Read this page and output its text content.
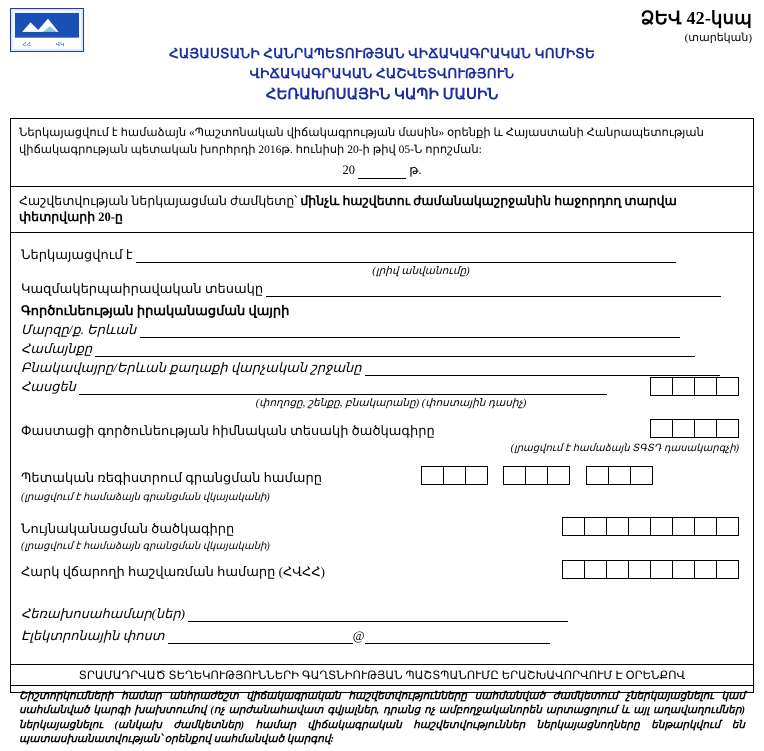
ՀՀ	ՎԿ
ՁԵՎ 42-կսպ
(տարեկան)
ՀԱՅԱՍՏԱՆԻ ՀԱՆՐԱՊԵՏՈՒԹՅԱՆ ՎԻՃԱԿԱԳՐԱԿԱՆ ԿՈՄԻՏԵ
ՎԻՃԱԿԱԳՐԱԿԱՆ ՀԱՇՎԵՏՎՈՒԹՅՈՒՆ
ՀԵՌԱԽՈՍԱՅԻՆ ԿԱՊԻ ՄԱՍԻՆ
Ներկայացվում է համաձայն «Պաշտոնական վիճակագրության մասին» օրենքի և Հայաստանի Հանրապետության վիճակագրության պետական խորհրդի 2016թ. հունիսի 20-ի թիվ 05-Ն որոշման:
20	թ.
Հաշվետվության ներկայացման ժամկետը՝ մինչև հաշվետու ժամանակաշրջանին հաջորդող տարվա փետրվարի 20-ը
Ներկայացվում է
(լրիվ անվանումը)
Կազմակերպաիրավական տեսակը
Գործունեության իրականացման վայրի
Մարզը/ք. Երևան
Համայնքը
Բնակավայրը/Երևան քաղաքի վարչական շրջանը
Հասցեն
(փողոցը, շենքը, բնակարանը) (փոստային դասիչ)
Փաստացի գործունեության հիմնական տեսակի ծածկագիրը
(լրացվում է համաձայն ՏԳՏԴ դասակարգչի)
Պետական ռեգիստրում գրանցման համարը

(լրացվում է համաձայն գրանցման վկայականի)
Նույնականացման ծածկագիրը
(լրացվում է համաձայն գրանցման վկայականի)
Հարկ վճարողի հաշվառման համարը (ՀՎՀՀ)
Հեռախոսահամար(ներ)
Էլեկտրոնային փոստ	@
ՏՐԱՄԱԴՐՎԱԾ ՏԵՂԵԿՈՒԹՅՈՒՆՆԵՐԻ ԳԱՂՏՆԻՈՒԹՅԱՆ ՊԱՇՏՊԱՆՈՒՄԸ ԵՐԱՇԽԱՎՈՐՎՈՒՄ Է ՕՐԵՆՔՈՎ
Շիշտորկումների համար անհրաժեշտ վիճակագրական հաշվետվությունները սահմանված ժամկետում չներկայացնելու կամ սահմանված կարգի խախտումով (ոչ արժանահավատ գվյալներ, դրանց ոչ ամբողջականորեն արտացոլում և այլ աղավաղումներ) ներկայացնելու (անկախ ժամկետներ) համար վիճակագրական հաշվետվություններ ներկայացնողները ենթարկվում են պատասխանատվության՝ օրենքով սահմանված կարգով:
